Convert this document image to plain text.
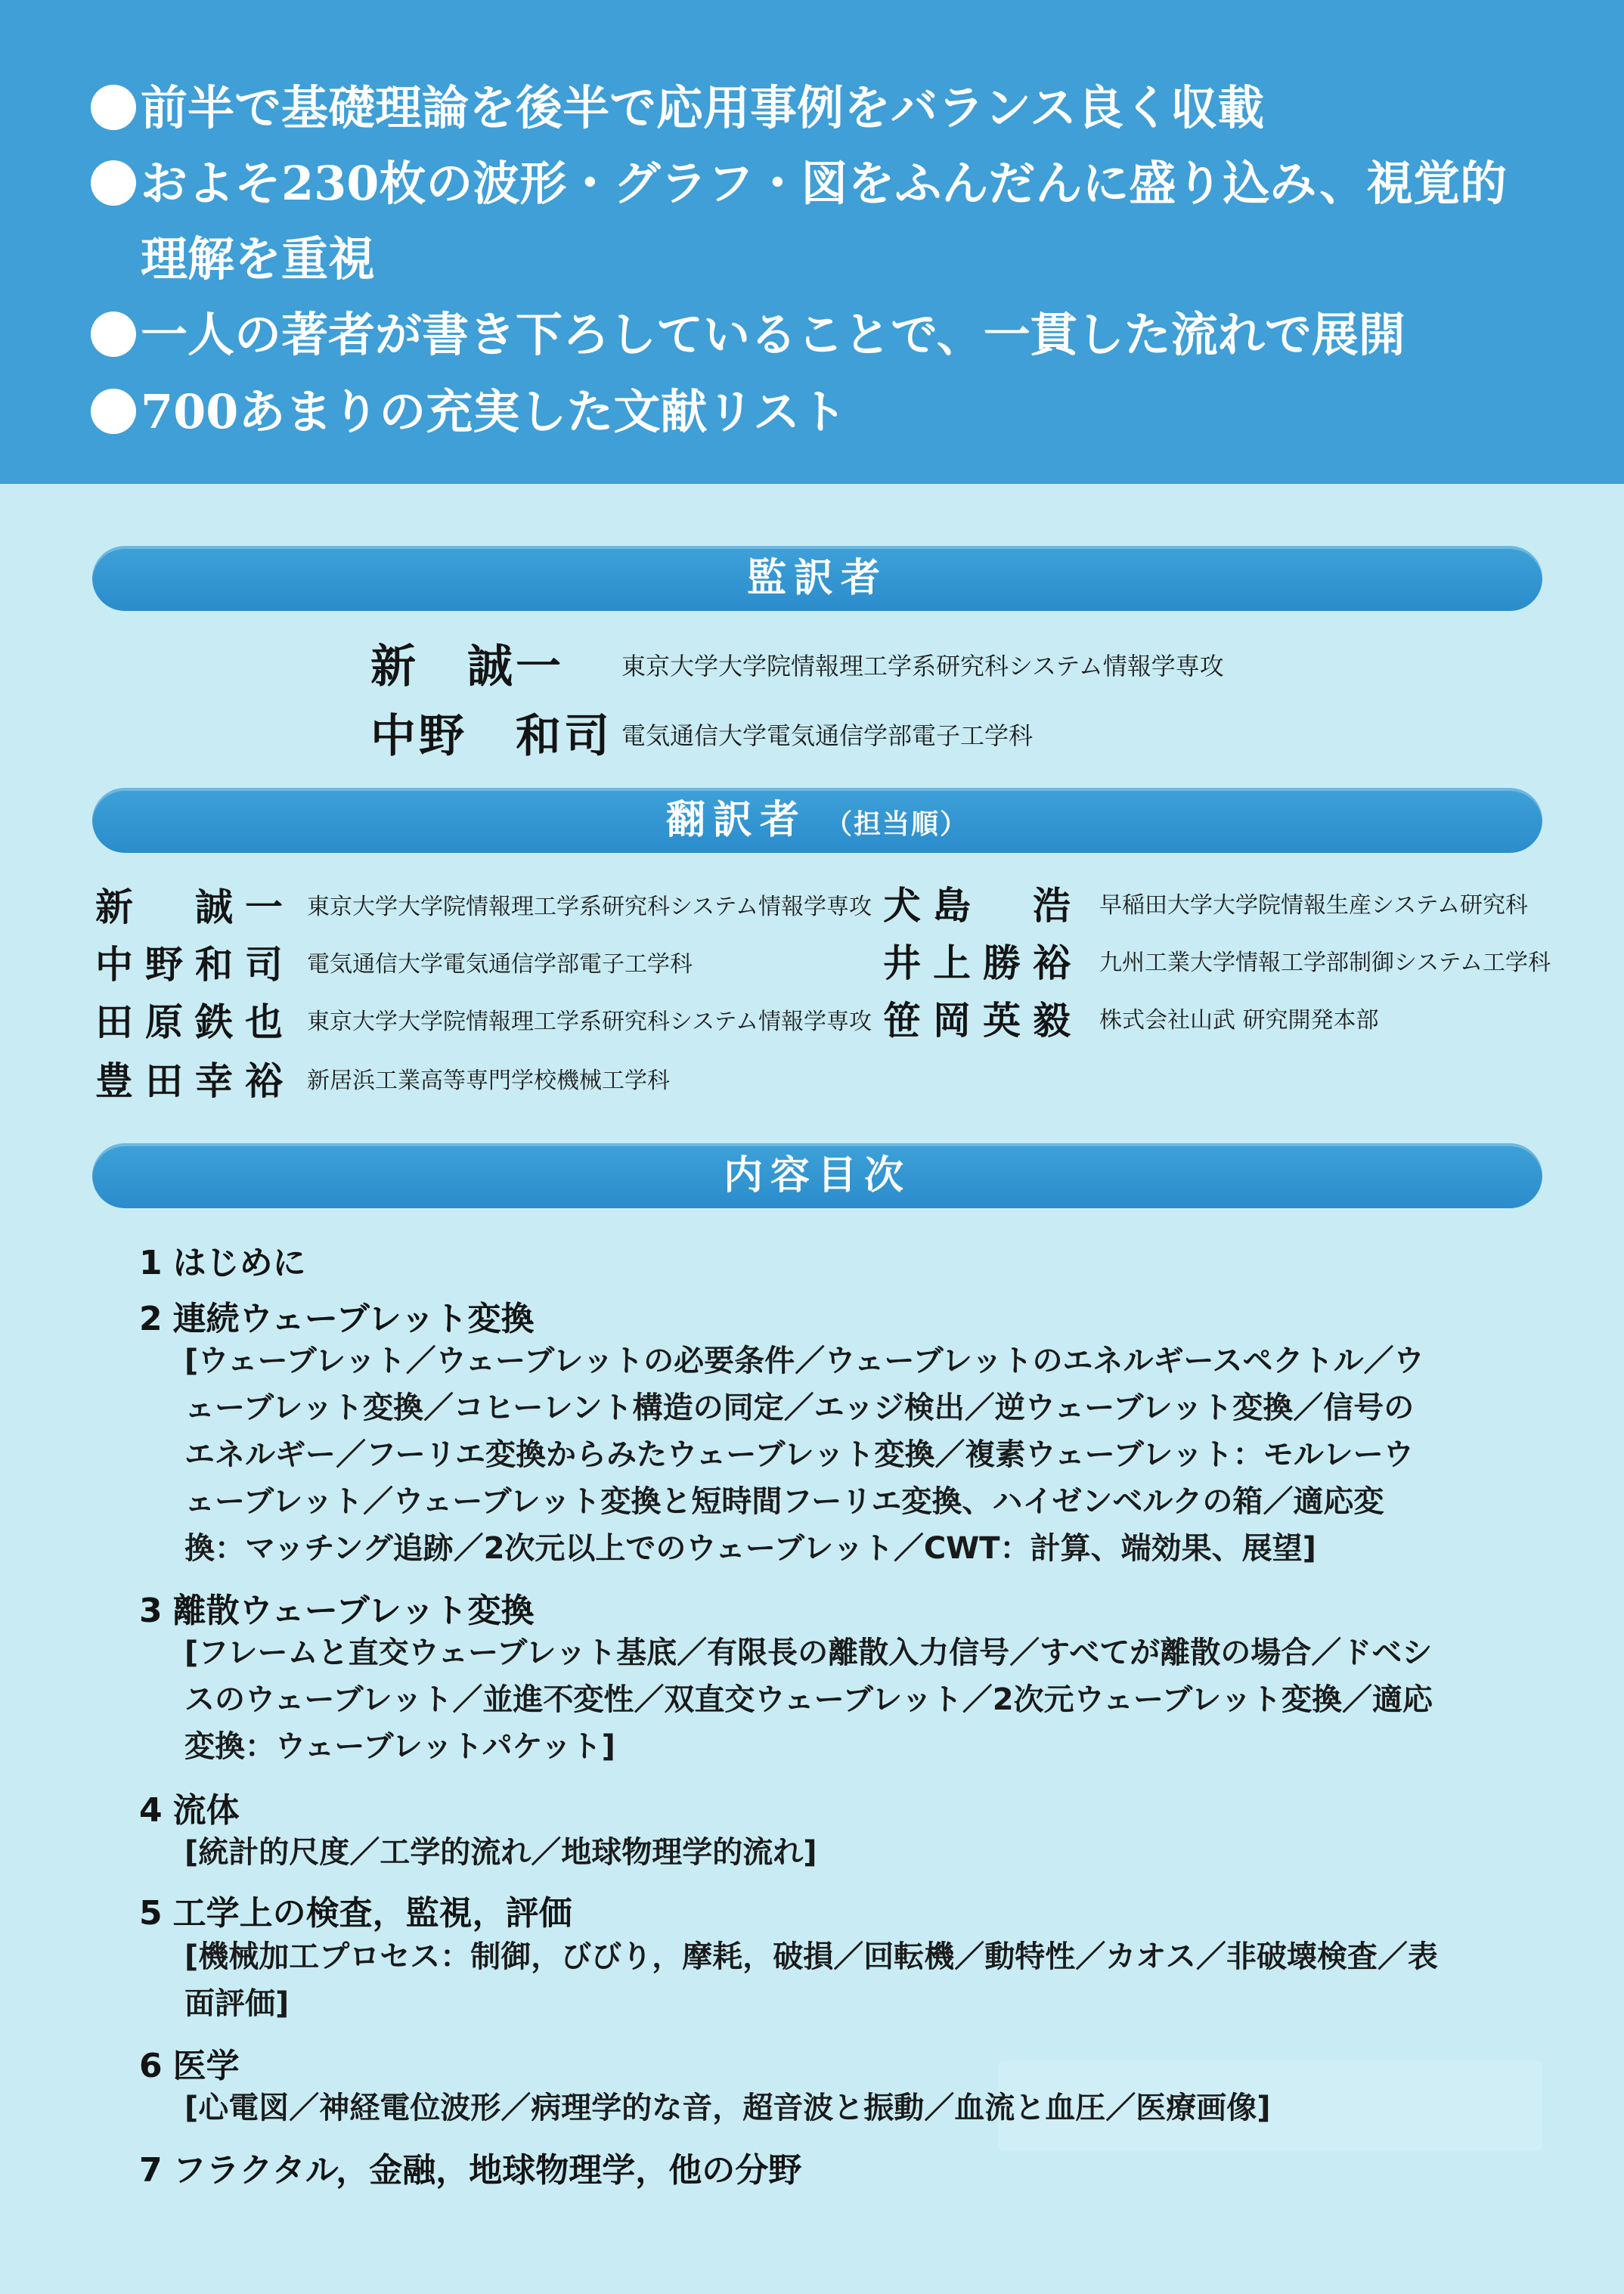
前半で基礎理論を後半で応用事例をバランス良く収載
およそ230枚の波形・グラフ・図をふんだんに盛り込み、視覚的
理解を重視
一人の著者が書き下ろしていることで、一貫した流れで展開
700あまりの充実した文献リスト
監訳者
新　誠一 東京大学大学院情報理工学系研究科システム情報学専攻
中野　和司 電気通信大学電気通信学部電子工学科
翻訳者 （担当順）
新　誠一 東京大学大学院情報理工学系研究科システム情報学専攻
中野和司 電気通信大学電気通信学部電子工学科
田原鉄也 東京大学大学院情報理工学系研究科システム情報学専攻
豊田幸裕 新居浜工業高等専門学校機械工学科
犬島　浩 早稲田大学大学院情報生産システム研究科
井上勝裕 九州工業大学情報工学部制御システム工学科
笹岡英毅 株式会社山武 研究開発本部
内容目次
1 はじめに
2 連続ウェーブレット変換
[ウェーブレット／ウェーブレットの必要条件／ウェーブレットのエネルギースペクトル／ウ
ェーブレット変換／コヒーレント構造の同定／エッジ検出／逆ウェーブレット変換／信号の
エネルギー／フーリエ変換からみたウェーブレット変換／複素ウェーブレット：モルレーウ
ェーブレット／ウェーブレット変換と短時間フーリエ変換、ハイゼンベルクの箱／適応変
換：マッチング追跡／2次元以上でのウェーブレット／CWT：計算、端効果、展望]
3 離散ウェーブレット変換
[フレームと直交ウェーブレット基底／有限長の離散入力信号／すべてが離散の場合／ドベシ
スのウェーブレット／並進不変性／双直交ウェーブレット／2次元ウェーブレット変換／適応
変換：ウェーブレットパケット]
4 流体
[統計的尺度／工学的流れ／地球物理学的流れ]
5 工学上の検査，監視，評価
[機械加工プロセス：制御，びびり，摩耗，破損／回転機／動特性／カオス／非破壊検査／表
面評価]
6 医学
[心電図／神経電位波形／病理学的な音，超音波と振動／血流と血圧／医療画像]
7 フラクタル，金融，地球物理学，他の分野
